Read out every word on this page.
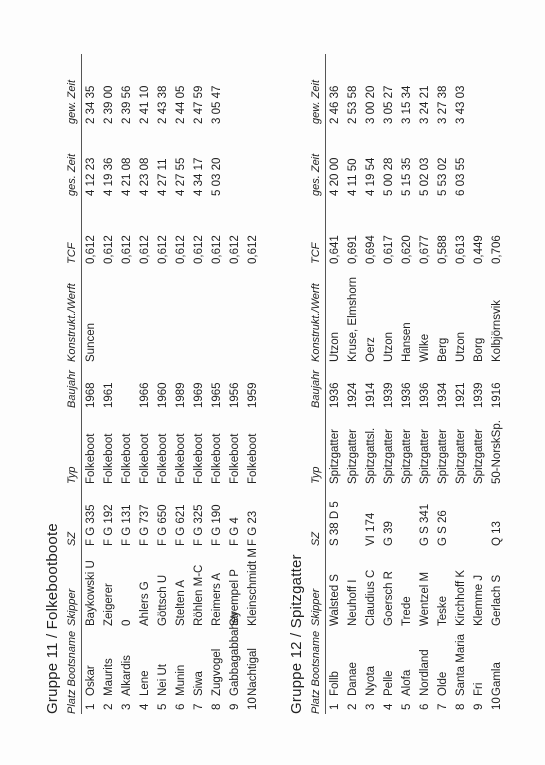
Gruppe 11 / Folkebootboote Platz Bootsname
Skipper
SZ
Typ
Baujahr
Konstrukt./Werft
TCF
ges. Zeit
gew. Zeit
1
Oskar
Baykowski U
F G 335
Folkeboot
1968
Suncen
0,612
4 12 23
2 34 35
2
Maurits
Zeigerer
F G 192
Folkeboot
1961
0,612
4 19 36
2 39 00
3
Alkardis
0
F G 131
Folkeboot
0,612
4 21 08
2 39 56
4
Lene
Ahlers G
F G 737
Folkeboot
1966
0,612
4 23 08
2 41 10
5
Nei Ut
Göttsch U
F G 650
Folkeboot
1960
0,612
4 27 11
2 43 38
6
Munin
Stelten A
F G 621
Folkeboot
1989
0,612
4 27 55
2 44 05
7
Siwa
Röhlen M-C
F G 325
Folkeboot
1969
0,612
4 34 17
2 47 59
8
Zugvogel
Reimers A
F G 190
Folkeboot
1965
0,612
5 03 20
3 05 47
9
Gabbagabbahey
Strempel P
F G 4
Folkeboot
1956
0,612
10
Nachtigal
Kleinschmidt M
F G 23
Folkeboot
1959
0,612
Gruppe 12 / Spitzgatter Platz Bootsname
Skipper
SZ
Typ
Baujahr
Konstrukt./Werft
TCF
ges. Zeit
gew. Zeit
1
Follb
Walsted S
S 38 D 5
Spitzgatter
1936
Utzon
0,641
4 20 00
2 46 36
2
Danae
Neuhoff I
Spitzgatter
1924
Kruse, Elmshorn
0,691
4 11 50
2 53 58
3
Nyota
Claudius C
VI 174
Spitzgattsl.
1914
Oerz
0,694
4 19 54
3 00 20
4
Pelle
Goersch R
G 39
Spitzgatter
1939
Utzon
0,617
5 00 28
3 05 27
5
Alofa
Trede
Spitzgatter
1936
Hansen
0,620
5 15 35
3 15 34
6
Nordland
Wentzel M
G S 341
Spitzgatter
1936
Wilke
0,677
5 02 03
3 24 21
7
Olde
Teske
G S 26
Spitzgatter
1934
Berg
0,588
5 53 02
3 27 38
8
Santa Maria
Kirchhoff K
Spitzgatter
1921
Utzon
0,613
6 03 55
3 43 03
9
Fri
Klemme J
Spitzgatter
1939
Borg
0,449
10
Gamla
Gerlach S
Q 13
50-NorskSp.
1916
Kolbjörnsvik
0,706
